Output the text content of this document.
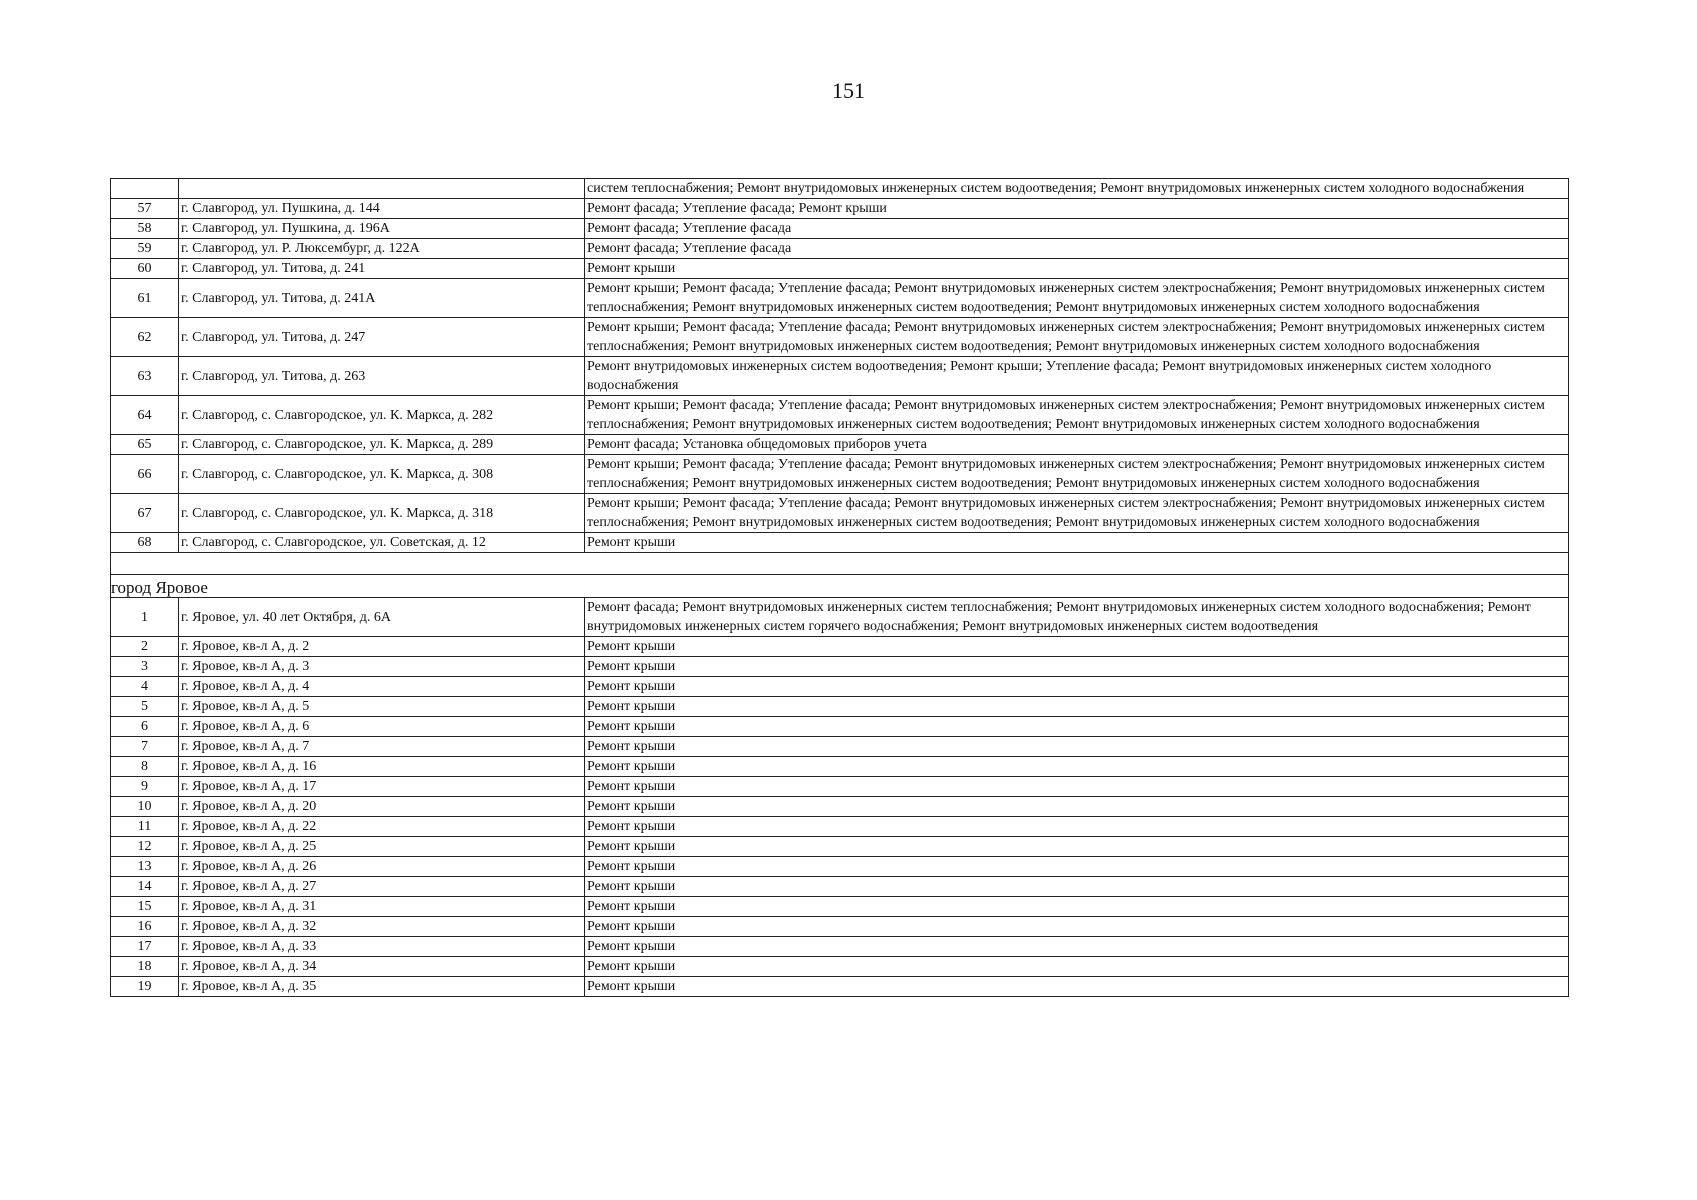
151
		систем теплоснабжения; Ремонт внутридомовых инженерных систем водоотведения; Ремонт внутридомовых инженерных систем холодного водоснабжения
57	г. Славгород, ул. Пушкина, д. 144	Ремонт фасада; Утепление фасада; Ремонт крыши
58	г. Славгород, ул. Пушкина, д. 196А	Ремонт фасада; Утепление фасада
59	г. Славгород, ул. Р. Люксембург, д. 122А	Ремонт фасада; Утепление фасада
60	г. Славгород, ул. Титова, д. 241	Ремонт крыши
61	г. Славгород, ул. Титова, д. 241А	Ремонт крыши; Ремонт фасада; Утепление фасада; Ремонт внутридомовых инженерных систем электроснабжения; Ремонт внутридомовых инженерных систем теплоснабжения; Ремонт внутридомовых инженерных систем водоотведения; Ремонт внутридомовых инженерных систем холодного водоснабжения
62	г. Славгород, ул. Титова, д. 247	Ремонт крыши; Ремонт фасада; Утепление фасада; Ремонт внутридомовых инженерных систем электроснабжения; Ремонт внутридомовых инженерных систем теплоснабжения; Ремонт внутридомовых инженерных систем водоотведения; Ремонт внутридомовых инженерных систем холодного водоснабжения
63	г. Славгород, ул. Титова, д. 263	Ремонт внутридомовых инженерных систем водоотведения; Ремонт крыши; Утепление фасада; Ремонт внутридомовых инженерных систем холодного водоснабжения
64	г. Славгород, с. Славгородское, ул. К. Маркса, д. 282	Ремонт крыши; Ремонт фасада; Утепление фасада; Ремонт внутридомовых инженерных систем электроснабжения; Ремонт внутридомовых инженерных систем теплоснабжения; Ремонт внутридомовых инженерных систем водоотведения; Ремонт внутридомовых инженерных систем холодного водоснабжения
65	г. Славгород, с. Славгородское, ул. К. Маркса, д. 289	Ремонт фасада; Установка общедомовых приборов учета
66	г. Славгород, с. Славгородское, ул. К. Маркса, д. 308	Ремонт крыши; Ремонт фасада; Утепление фасада; Ремонт внутридомовых инженерных систем электроснабжения; Ремонт внутридомовых инженерных систем теплоснабжения; Ремонт внутридомовых инженерных систем водоотведения; Ремонт внутридомовых инженерных систем холодного водоснабжения
67	г. Славгород, с. Славгородское, ул. К. Маркса, д. 318	Ремонт крыши; Ремонт фасада; Утепление фасада; Ремонт внутридомовых инженерных систем электроснабжения; Ремонт внутридомовых инженерных систем теплоснабжения; Ремонт внутридомовых инженерных систем водоотведения; Ремонт внутридомовых инженерных систем холодного водоснабжения
68	г. Славгород, с. Славгородское, ул. Советская, д. 12	Ремонт крыши

город Яровое		
1	г. Яровое, ул. 40 лет Октября, д. 6А	Ремонт фасада; Ремонт внутридомовых инженерных систем теплоснабжения; Ремонт внутридомовых инженерных систем холодного водоснабжения; Ремонт внутридомовых инженерных систем горячего водоснабжения; Ремонт внутридомовых инженерных систем водоотведения
2	г. Яровое, кв-л А, д. 2	Ремонт крыши
3	г. Яровое, кв-л А, д. 3	Ремонт крыши
4	г. Яровое, кв-л А, д. 4	Ремонт крыши
5	г. Яровое, кв-л А, д. 5	Ремонт крыши
6	г. Яровое, кв-л А, д. 6	Ремонт крыши
7	г. Яровое, кв-л А, д. 7	Ремонт крыши
8	г. Яровое, кв-л А, д. 16	Ремонт крыши
9	г. Яровое, кв-л А, д. 17	Ремонт крыши
10	г. Яровое, кв-л А, д. 20	Ремонт крыши
11	г. Яровое, кв-л А, д. 22	Ремонт крыши
12	г. Яровое, кв-л А, д. 25	Ремонт крыши
13	г. Яровое, кв-л А, д. 26	Ремонт крыши
14	г. Яровое, кв-л А, д. 27	Ремонт крыши
15	г. Яровое, кв-л А, д. 31	Ремонт крыши
16	г. Яровое, кв-л А, д. 32	Ремонт крыши
17	г. Яровое, кв-л А, д. 33	Ремонт крыши
18	г. Яровое, кв-л А, д. 34	Ремонт крыши
19	г. Яровое, кв-л А, д. 35	Ремонт крыши
